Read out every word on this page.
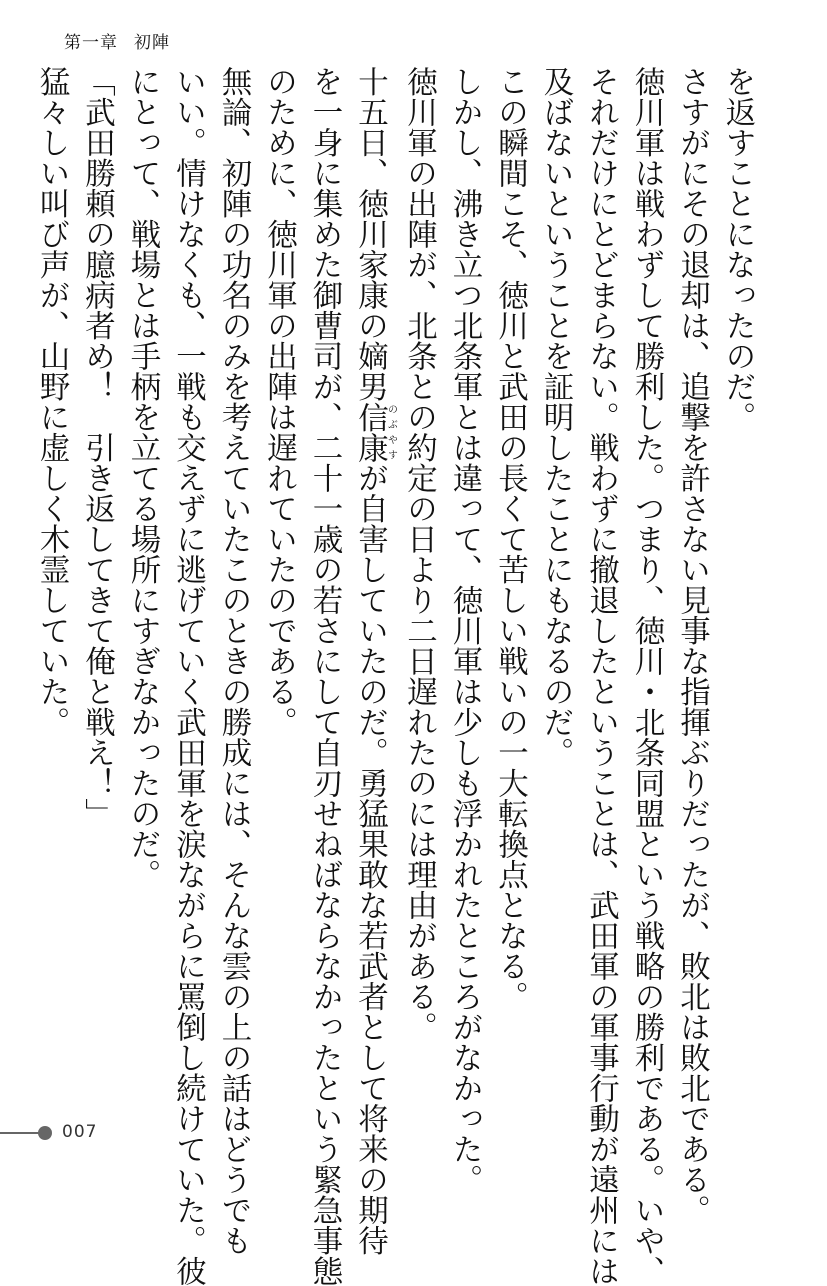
第一章 初陣

を返すことになったのだ。

さすがにその退却は、追撃を許さない見事な指揮ぶりだったが、敗北は敗北である。

徳川軍は戦わずして勝利した。つまり、徳川・北条同盟という戦略の勝利である。いや、

それだけにとどまらない。戦わずに撤退したということは、武田軍の軍事行動が遠州には

及ばないということを証明したことにもなるのだ。

この瞬間こそ、徳川と武田の長くて苦しい戦いの一大転換点となる。

しかし、沸き立つ北条軍とは違って、徳川軍は少しも浮かれたところがなかった。

徳川軍の出陣が、北条との約定の日より二日遅れたのには理由がある。

十五日、徳川家康の嫡男信康のぶやすが自害していたのだ。勇猛果敢な若武者として将来の期待

を一身に集めた御曹司が、二十一歳の若さにして自刃せねばならなかったという緊急事態

のために、徳川軍の出陣は遅れていたのである。

無論、初陣の功名のみを考えていたこのときの勝成には、そんな雲の上の話はどうでも

いい。情けなくも、一戦も交えずに逃げていく武田軍を涙ながらに罵倒し続けていた。彼

にとって、戦場とは手柄を立てる場所にすぎなかったのだ。

「武田勝頼の臆病者め！　引き返してきて俺と戦え！」

猛々しい叫び声が、山野に虚しく木霊していた。

007
